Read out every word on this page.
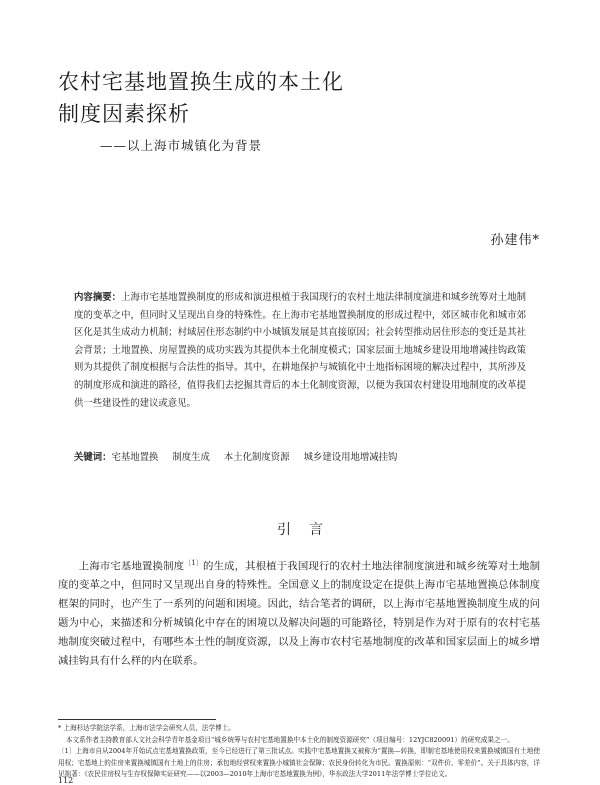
农村宅基地置换生成的本土化
制度因素探析
——以上海市城镇化为背景
孙建伟*
内容摘要：上海市宅基地置换制度的形成和演进根植于我国现行的农村土地法律制度演进和城乡统筹对土地制度的变革之中，但同时又呈现出自身的特殊性。在上海市宅基地置换制度的形成过程中，郊区城市化和城市郊区化是其生成动力机制；村域居住形态制约中小城镇发展是其直接原因；社会转型推动居住形态的变迁是其社会背景；土地置换、房屋置换的成功实践为其提供本土化制度模式；国家层面土地城乡建设用地增减挂钩政策则为其提供了制度根据与合法性的指导。其中，在耕地保护与城镇化中土地指标困境的解决过程中，其所涉及的制度形成和演进的路径，值得我们去挖掘其背后的本土化制度资源，以便为我国农村建设用地制度的改革提供一些建设性的建议或意见。
关键词：宅基地置换 制度生成 本土化制度资源 城乡建设用地增减挂钩
引言

上海市宅基地置换制度$^{〔1〕}$的生成，其根植于我国现行的农村土地法律制度演进和城乡统筹对土地制度的变革之中，但同时又呈现出自身的特殊性。全国意义上的制度设定在提供上海市宅基地置换总体制度框架的同时，也产生了一系列的问题和困境。因此，结合笔者的调研，以上海市宅基地置换制度生成的问题为中心，来描述和分析城镇化中存在的困境以及解决问题的可能路径，特别是作为对于原有的农村宅基地制度突破过程中，有哪些本土性的制度资源，以及上海市农村宅基地制度的改革和国家层面上的城乡增减挂钩具有什么样的内在联系。

* 上海杉达学院法学系，上海市法学会研究人员，法学博士。

本文系作者主持教育部人文社会科学青年基金项目“城乡统筹与农村宅基地置换中本土化的制度资源研究”（项目编号：12YJC820091）的研究成果之一。

〔1〕上海市自从2004年开始试点宅基地置换政策，至今已经进行了第三批试点。实践中宅基地置换又被称为“置换—转换，即制宅基地使用权来置换城镇国有土地使用权；宅基地上的住房来置换城镇国有土地上的住房；承包地经营权来置换小城镇社会保障；农民身份转化为市民。置换原则：“双件价、零差价”。关于具体内容，详见拙著：《农民住房权与生存权保障实证研究——以2003—2010年上海市宅基地置换为例》，华东政法大学2011年法学博士学位论文。

112
